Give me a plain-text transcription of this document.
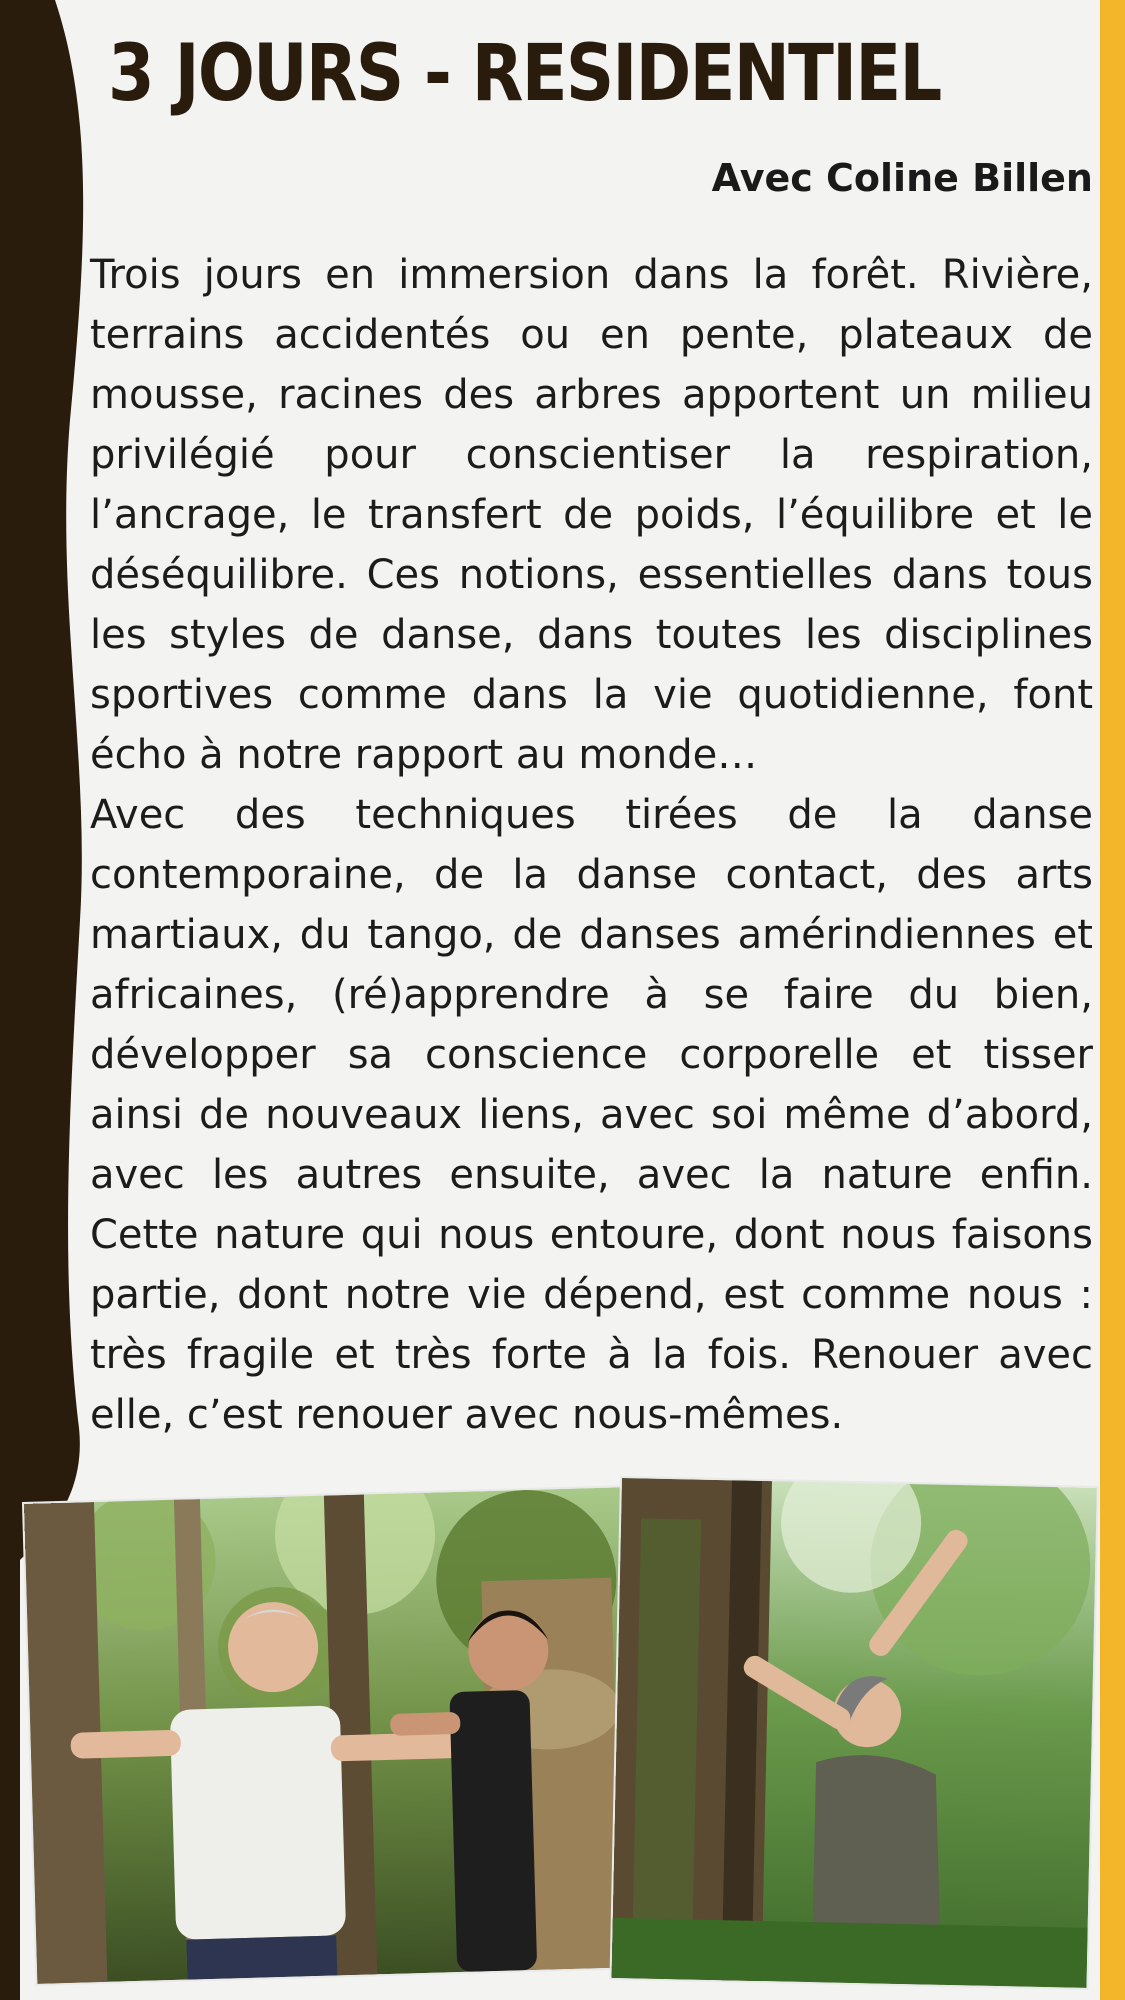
3 JOURS - RESIDENTIEL
Avec Coline Billen

Trois jours en immersion dans la forêt. Rivière, terrains accidentés ou en pente, plateaux de mousse, racines des arbres apportent un milieu privilégié pour conscientiser la respiration, l’ancrage, le transfert de poids, l’équilibre et le déséquilibre. Ces notions, essentielles dans tous les styles de danse, dans toutes les disciplines sportives comme dans la vie quotidienne, font écho à notre rapport au monde…

Avec des techniques tirées de la danse contemporaine, de la danse contact, des arts martiaux, du tango, de danses amérindiennes et africaines, (ré)apprendre à se faire du bien, développer sa conscience corporelle et tisser ainsi de nouveaux liens, avec soi même d’abord, avec les autres ensuite, avec la nature enfin. Cette nature qui nous entoure, dont nous faisons partie, dont notre vie dépend, est comme nous : très fragile et très forte à la fois. Renouer avec elle, c’est renouer avec nous-mêmes.
